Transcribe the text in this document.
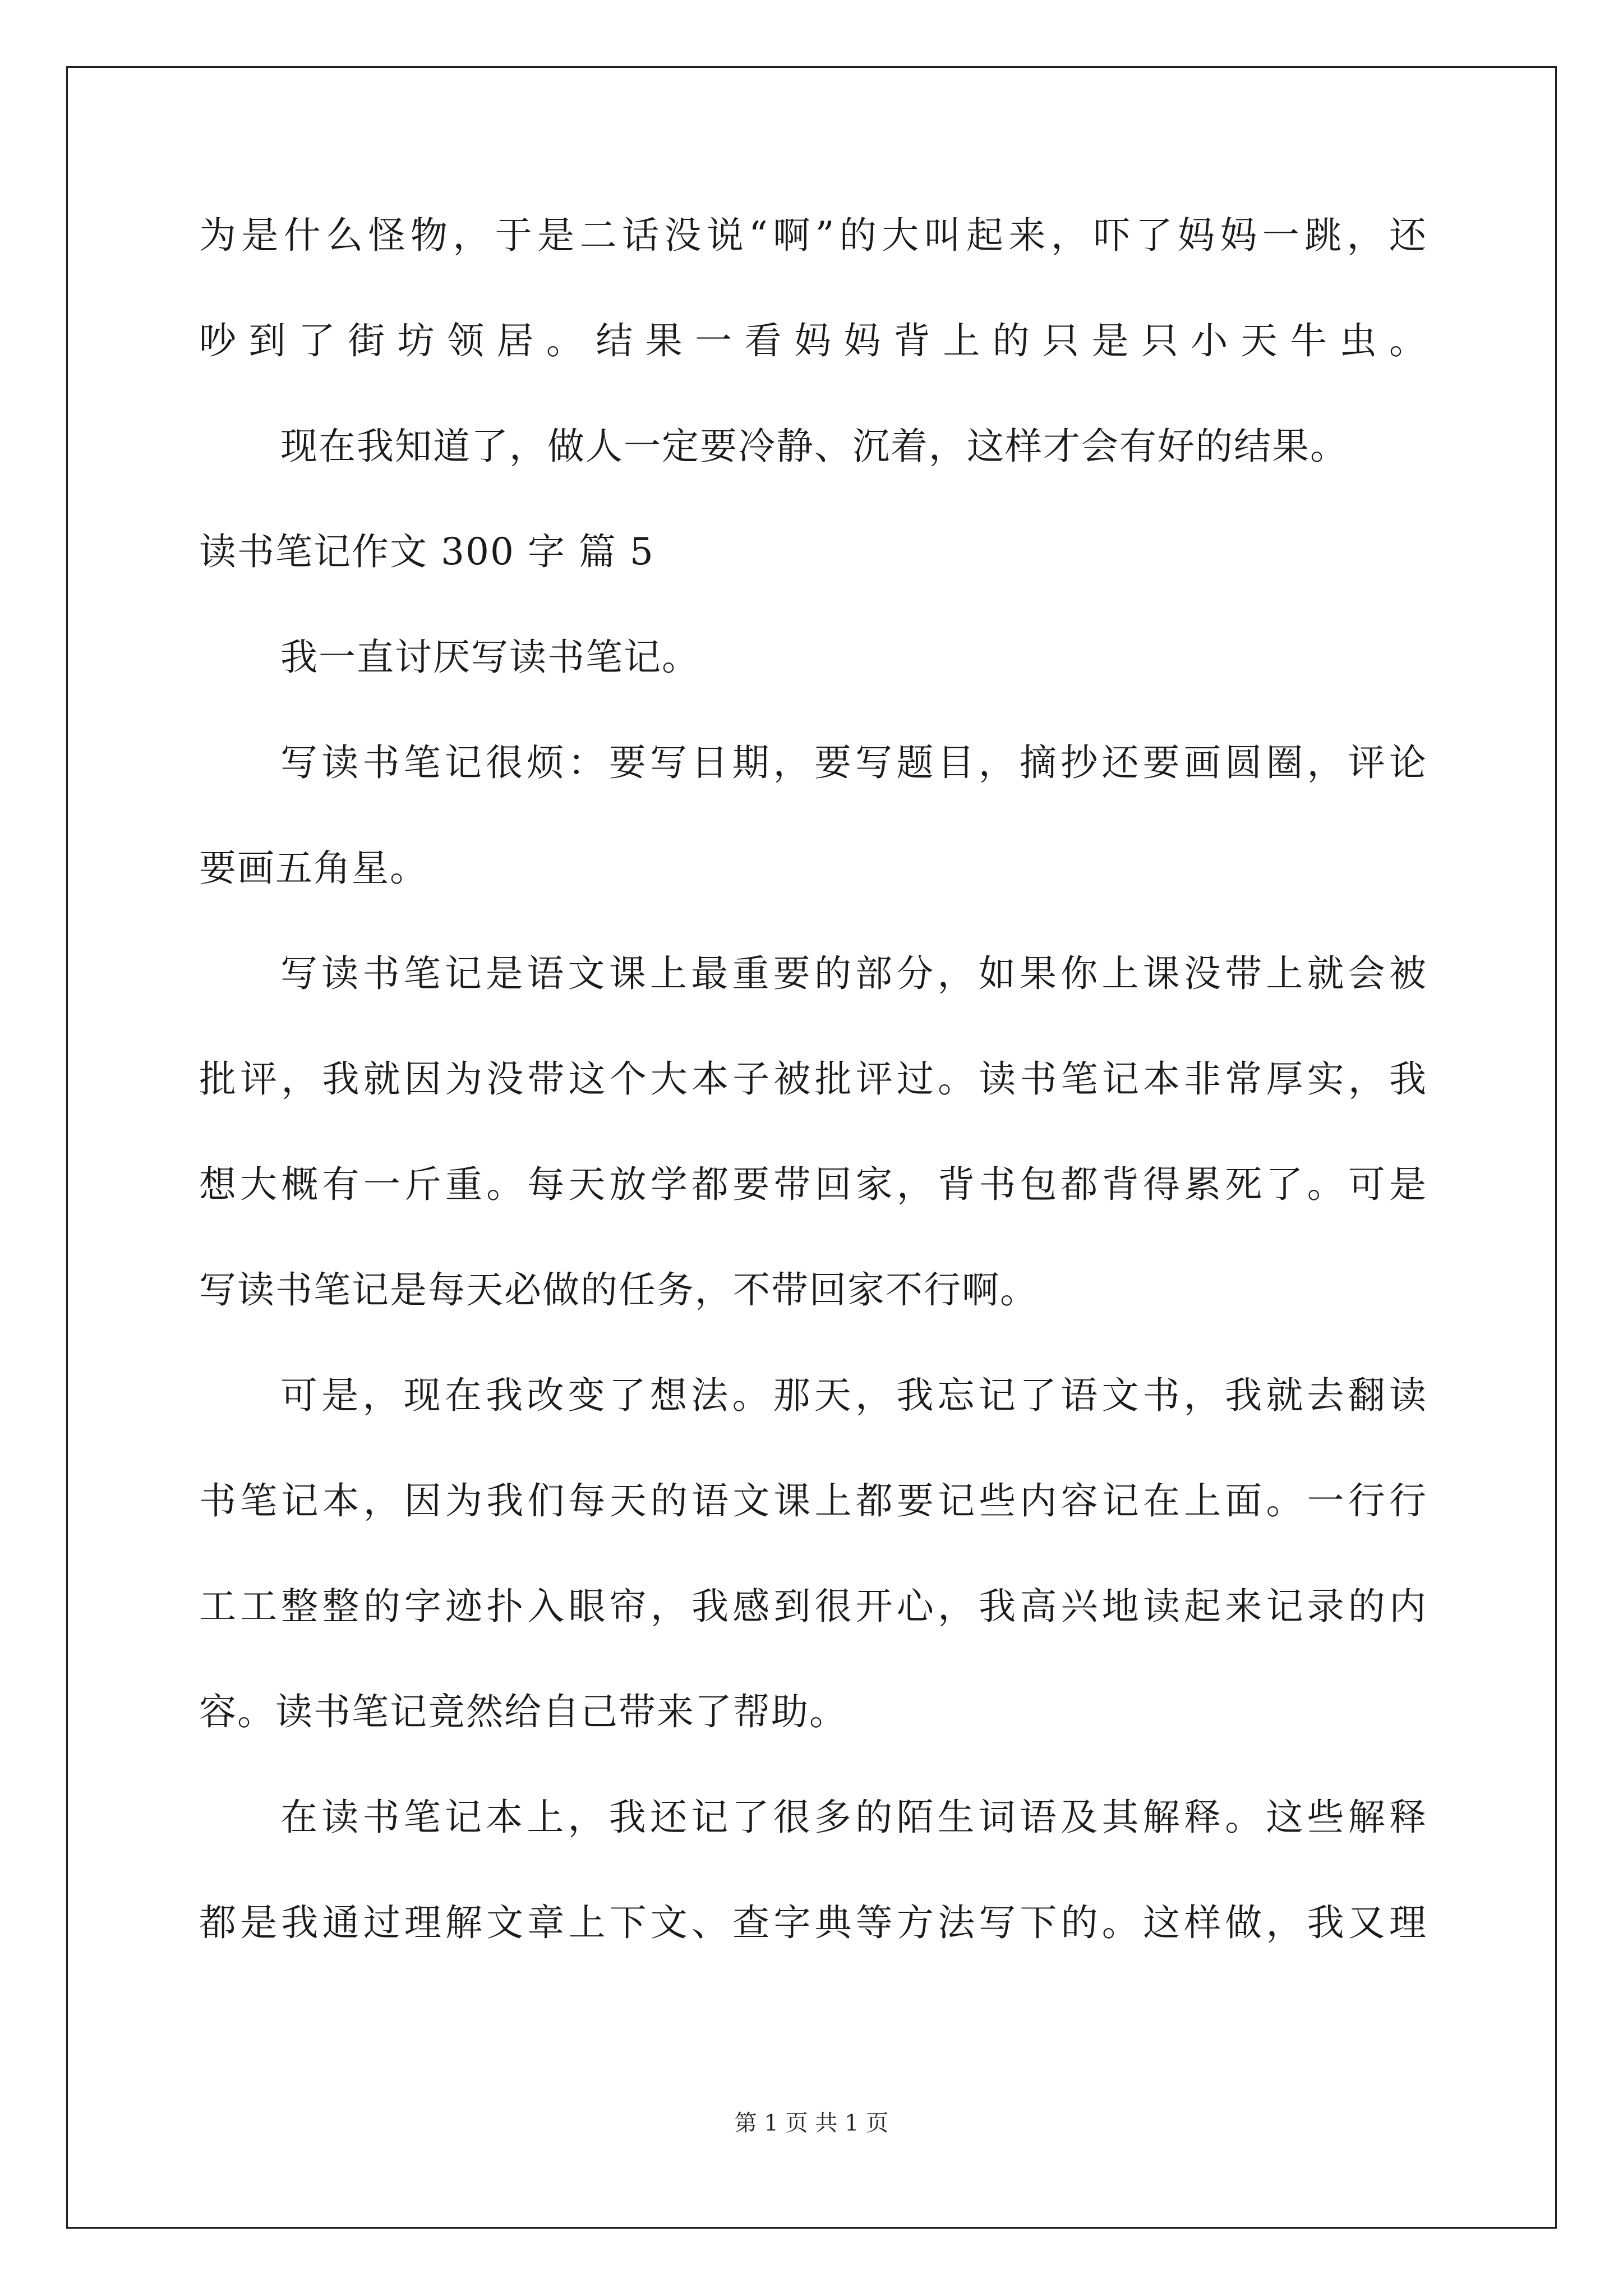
为是什么怪物，于是二话没说“啊”的大叫起来，吓了妈妈一跳，还
吵到了街坊领居。结果一看妈妈背上的只是只小天牛虫。
现在我知道了，做人一定要冷静、沉着，这样才会有好的结果。
读书笔记作文 300 字 篇 5
我一直讨厌写读书笔记。
写读书笔记很烦：要写日期，要写题目，摘抄还要画圆圈，评论
要画五角星。
写读书笔记是语文课上最重要的部分，如果你上课没带上就会被
批评，我就因为没带这个大本子被批评过。读书笔记本非常厚实，我
想大概有一斤重。每天放学都要带回家，背书包都背得累死了。可是
写读书笔记是每天必做的任务，不带回家不行啊。
可是，现在我改变了想法。那天，我忘记了语文书，我就去翻读
书笔记本，因为我们每天的语文课上都要记些内容记在上面。一行行
工工整整的字迹扑入眼帘，我感到很开心，我高兴地读起来记录的内
容。读书笔记竟然给自己带来了帮助。
在读书笔记本上，我还记了很多的陌生词语及其解释。这些解释
都是我通过理解文章上下文、查字典等方法写下的。这样做，我又理
第 1 页 共 1 页
